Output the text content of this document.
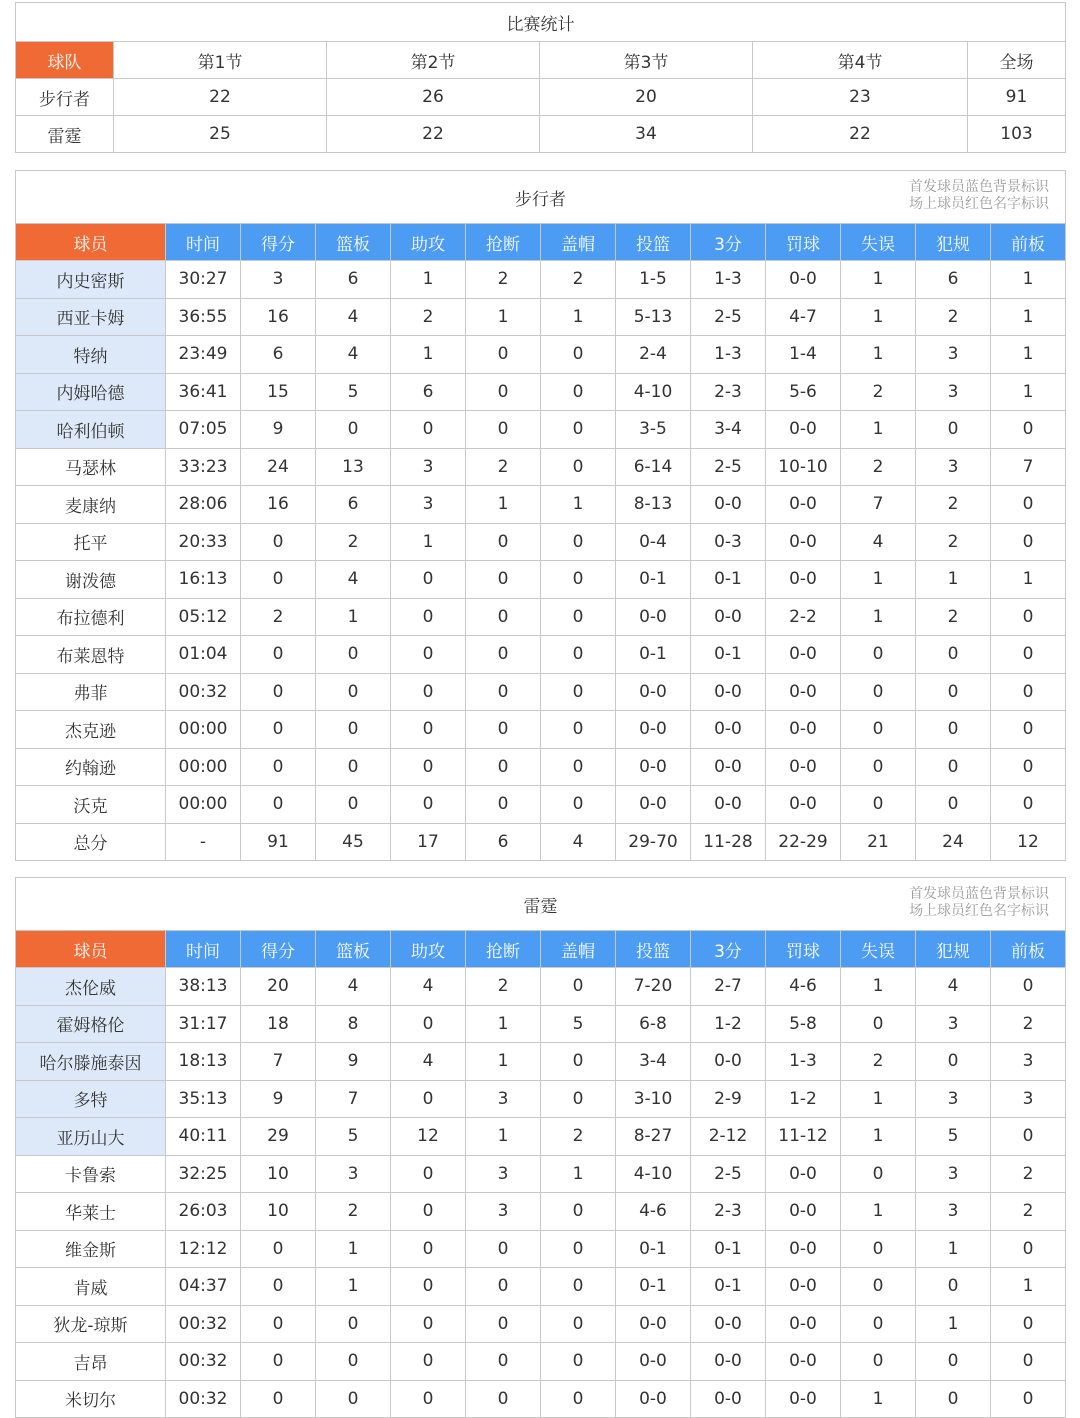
比赛统计					
球队	第1节	第2节	第3节	第4节	全场
步行者	22	26	20	23	91
雷霆	25	22	34	22	103
步行者
首发球员蓝色背景标识
场上球员红色名字标识												

球员	时间	得分	篮板	助攻	抢断	盖帽	投篮	3分	罚球	失误	犯规	前板
内史密斯	30:27	3	6	1	2	2	1-5	1-3	0-0	1	6	1
西亚卡姆	36:55	16	4	2	1	1	5-13	2-5	4-7	1	2	1
特纳	23:49	6	4	1	0	0	2-4	1-3	1-4	1	3	1
内姆哈德	36:41	15	5	6	0	0	4-10	2-3	5-6	2	3	1
哈利伯顿	07:05	9	0	0	0	0	3-5	3-4	0-0	1	0	0
马瑟林	33:23	24	13	3	2	0	6-14	2-5	10-10	2	3	7
麦康纳	28:06	16	6	3	1	1	8-13	0-0	0-0	7	2	0
托平	20:33	0	2	1	0	0	0-4	0-3	0-0	4	2	0
谢泼德	16:13	0	4	0	0	0	0-1	0-1	0-0	1	1	1
布拉德利	05:12	2	1	0	0	0	0-0	0-0	2-2	1	2	0
布莱恩特	01:04	0	0	0	0	0	0-1	0-1	0-0	0	0	0
弗菲	00:32	0	0	0	0	0	0-0	0-0	0-0	0	0	0
杰克逊	00:00	0	0	0	0	0	0-0	0-0	0-0	0	0	0
约翰逊	00:00	0	0	0	0	0	0-0	0-0	0-0	0	0	0
沃克	00:00	0	0	0	0	0	0-0	0-0	0-0	0	0	0
总分	-	91	45	17	6	4	29-70	11-28	22-29	21	24	12
雷霆
首发球员蓝色背景标识
场上球员红色名字标识												

球员	时间	得分	篮板	助攻	抢断	盖帽	投篮	3分	罚球	失误	犯规	前板
杰伦威	38:13	20	4	4	2	0	7-20	2-7	4-6	1	4	0
霍姆格伦	31:17	18	8	0	1	5	6-8	1-2	5-8	0	3	2
哈尔滕施泰因	18:13	7	9	4	1	0	3-4	0-0	1-3	2	0	3
多特	35:13	9	7	0	3	0	3-10	2-9	1-2	1	3	3
亚历山大	40:11	29	5	12	1	2	8-27	2-12	11-12	1	5	0
卡鲁索	32:25	10	3	0	3	1	4-10	2-5	0-0	0	3	2
华莱士	26:03	10	2	0	3	0	4-6	2-3	0-0	1	3	2
维金斯	12:12	0	1	0	0	0	0-1	0-1	0-0	0	1	0
肯威	04:37	0	1	0	0	0	0-1	0-1	0-0	0	0	1
狄龙-琼斯	00:32	0	0	0	0	0	0-0	0-0	0-0	0	1	0
吉昂	00:32	0	0	0	0	0	0-0	0-0	0-0	0	0	0
米切尔	00:32	0	0	0	0	0	0-0	0-0	0-0	1	0	0
